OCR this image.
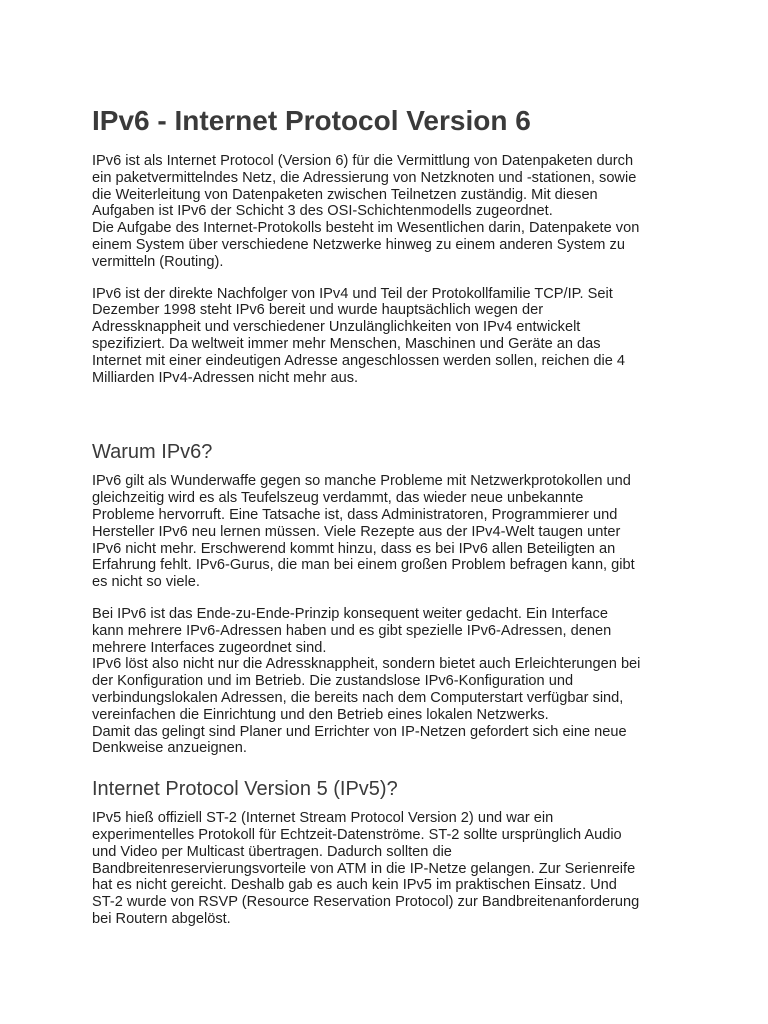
IPv6 - Internet Protocol Version 6

IPv6 ist als Internet Protocol (Version 6) für die Vermittlung von Datenpaketen durch
ein paketvermittelndes Netz, die Adressierung von Netzknoten und -stationen, sowie
die Weiterleitung von Datenpaketen zwischen Teilnetzen zuständig. Mit diesen
Aufgaben ist IPv6 der Schicht 3 des OSI-Schichtenmodells zugeordnet.
Die Aufgabe des Internet-Protokolls besteht im Wesentlichen darin, Datenpakete von
einem System über verschiedene Netzwerke hinweg zu einem anderen System zu
vermitteln (Routing).

IPv6 ist der direkte Nachfolger von IPv4 und Teil der Protokollfamilie TCP/IP. Seit
Dezember 1998 steht IPv6 bereit und wurde hauptsächlich wegen der
Adressknappheit und verschiedener Unzulänglichkeiten von IPv4 entwickelt
spezifiziert. Da weltweit immer mehr Menschen, Maschinen und Geräte an das
Internet mit einer eindeutigen Adresse angeschlossen werden sollen, reichen die 4
Milliarden IPv4-Adressen nicht mehr aus.

Warum IPv6?

IPv6 gilt als Wunderwaffe gegen so manche Probleme mit Netzwerkprotokollen und
gleichzeitig wird es als Teufelszeug verdammt, das wieder neue unbekannte
Probleme hervorruft. Eine Tatsache ist, dass Administratoren, Programmierer und
Hersteller IPv6 neu lernen müssen. Viele Rezepte aus der IPv4-Welt taugen unter
IPv6 nicht mehr. Erschwerend kommt hinzu, dass es bei IPv6 allen Beteiligten an
Erfahrung fehlt. IPv6-Gurus, die man bei einem großen Problem befragen kann, gibt
es nicht so viele.

Bei IPv6 ist das Ende-zu-Ende-Prinzip konsequent weiter gedacht. Ein Interface
kann mehrere IPv6-Adressen haben und es gibt spezielle IPv6-Adressen, denen
mehrere Interfaces zugeordnet sind.
IPv6 löst also nicht nur die Adressknappheit, sondern bietet auch Erleichterungen bei
der Konfiguration und im Betrieb. Die zustandslose IPv6-Konfiguration und
verbindungslokalen Adressen, die bereits nach dem Computerstart verfügbar sind,
vereinfachen die Einrichtung und den Betrieb eines lokalen Netzwerks.
Damit das gelingt sind Planer und Errichter von IP-Netzen gefordert sich eine neue
Denkweise anzueignen.

Internet Protocol Version 5 (IPv5)?

IPv5 hieß offiziell ST-2 (Internet Stream Protocol Version 2) und war ein
experimentelles Protokoll für Echtzeit-Datenströme. ST-2 sollte ursprünglich Audio
und Video per Multicast übertragen. Dadurch sollten die
Bandbreitenreservierungsvorteile von ATM in die IP-Netze gelangen. Zur Serienreife
hat es nicht gereicht. Deshalb gab es auch kein IPv5 im praktischen Einsatz. Und
ST-2 wurde von RSVP (Resource Reservation Protocol) zur Bandbreitenanforderung
bei Routern abgelöst.
